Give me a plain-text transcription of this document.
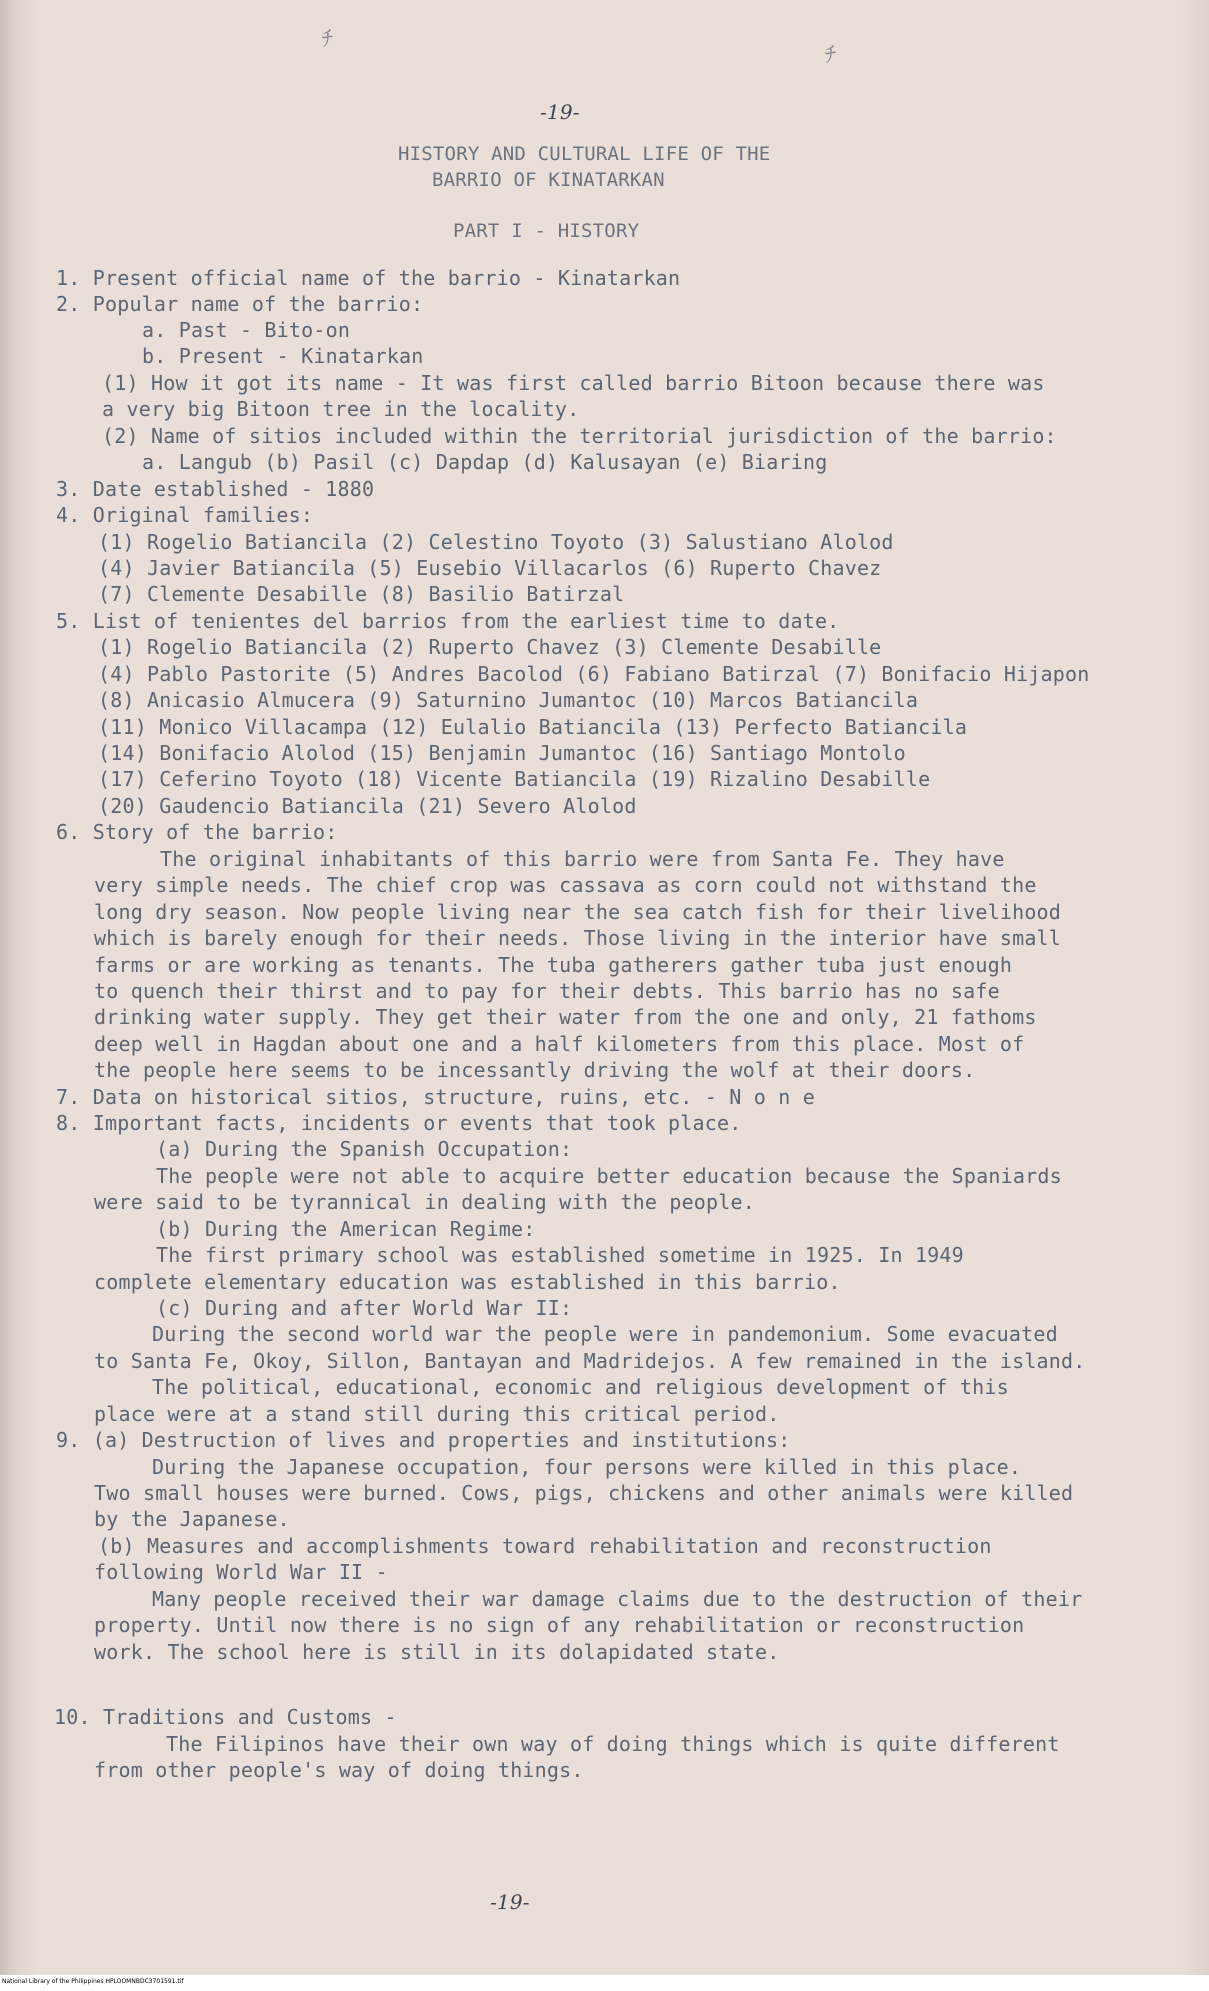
ﾁ
ﾁ
-19-
HISTORY AND CULTURAL LIFE OF THE
BARRIO OF KINATARKAN
PART I - HISTORY
1. Present official name of the barrio - Kinatarkan
2. Popular name of the barrio:
a. Past - Bito-on
b. Present - Kinatarkan
(1) How it got its name - It was first called barrio Bitoon because there was
a very big Bitoon tree in the locality.
(2) Name of sitios included within the territorial jurisdiction of the barrio:
a. Langub (b) Pasil (c) Dapdap (d) Kalusayan (e) Biaring
3. Date established - 1880
4. Original families:
(1) Rogelio Batiancila (2) Celestino Toyoto (3) Salustiano Alolod
(4) Javier Batiancila (5) Eusebio Villacarlos (6) Ruperto Chavez
(7) Clemente Desabille (8) Basilio Batirzal
5. List of tenientes del barrios from the earliest time to date.
(1) Rogelio Batiancila (2) Ruperto Chavez (3) Clemente Desabille
(4) Pablo Pastorite (5) Andres Bacolod (6) Fabiano Batirzal (7) Bonifacio Hijapon
(8) Anicasio Almucera (9) Saturnino Jumantoc (10) Marcos Batiancila
(11) Monico Villacampa (12) Eulalio Batiancila (13) Perfecto Batiancila
(14) Bonifacio Alolod (15) Benjamin Jumantoc (16) Santiago Montolo
(17) Ceferino Toyoto (18) Vicente Batiancila (19) Rizalino Desabille
(20) Gaudencio Batiancila (21) Severo Alolod
6. Story of the barrio:
The original inhabitants of this barrio were from Santa Fe. They have
very simple needs. The chief crop was cassava as corn could not withstand the
long dry season. Now people living near the sea catch fish for their livelihood
which is barely enough for their needs. Those living in the interior have small
farms or are working as tenants. The tuba gatherers gather tuba just enough
to quench their thirst and to pay for their debts. This barrio has no safe
drinking water supply. They get their water from the one and only, 21 fathoms
deep well in Hagdan about one and a half kilometers from this place. Most of
the people here seems to be incessantly driving the wolf at their doors.
7. Data on historical sitios, structure, ruins, etc. - N o n e
8. Important facts, incidents or events that took place.
(a) During the Spanish Occupation:
The people were not able to acquire better education because the Spaniards
were said to be tyrannical in dealing with the people.
(b) During the American Regime:
The first primary school was established sometime in 1925. In 1949
complete elementary education was established in this barrio.
(c) During and after World War II:
During the second world war the people were in pandemonium. Some evacuated
to Santa Fe, Okoy, Sillon, Bantayan and Madridejos. A few remained in the island.
The political, educational, economic and religious development of this
place were at a stand still during this critical period.
9. (a) Destruction of lives and properties and institutions:
During the Japanese occupation, four persons were killed in this place.
Two small houses were burned. Cows, pigs, chickens and other animals were killed
by the Japanese.
(b) Measures and accomplishments toward rehabilitation and reconstruction
following World War II -
Many people received their war damage claims due to the destruction of their
property. Until now there is no sign of any rehabilitation or reconstruction
work. The school here is still in its dolapidated state.
10. Traditions and Customs -
The Filipinos have their own way of doing things which is quite different
from other people's way of doing things.
-19-
National Library of the Philippines HPLOOMNBDC3701591.tif
